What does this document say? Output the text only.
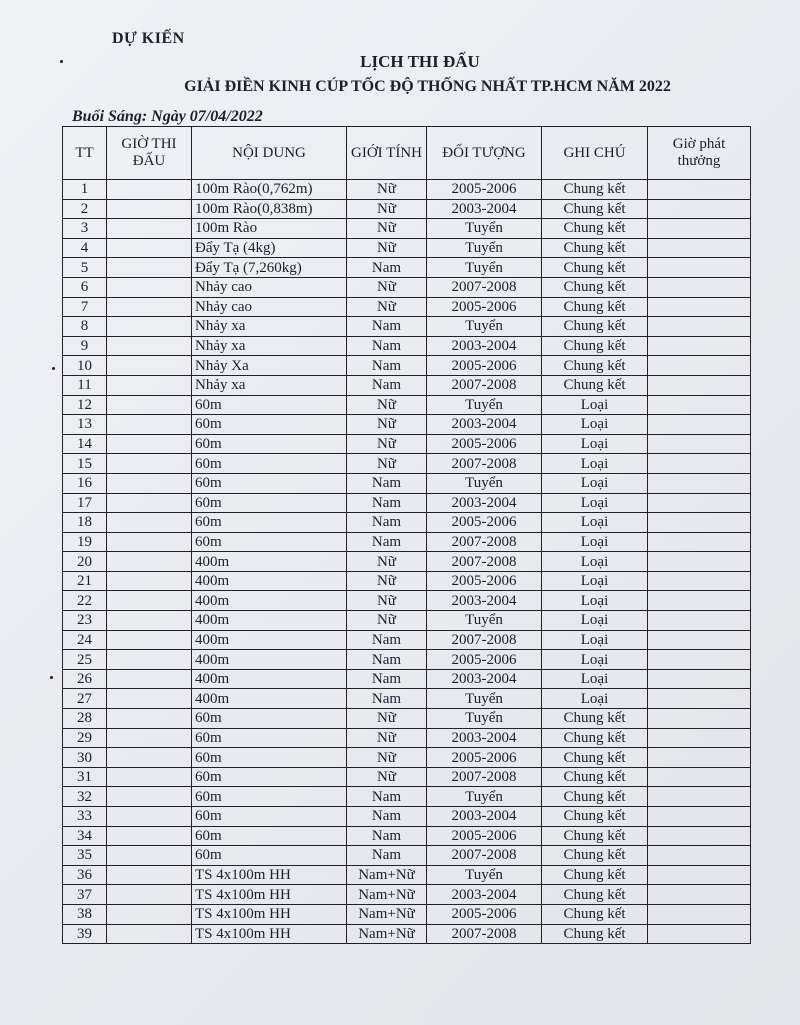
DỰ KIẾN
LỊCH THI ĐẤU
GIẢI ĐIỀN KINH CÚP TỐC ĐỘ THỐNG NHẤT TP.HCM NĂM 2022
Buổi Sáng: Ngày 07/04/2022
TT	GIỜ THI ĐẤU	NỘI DUNG	GIỚI TÍNH	ĐỐI TƯỢNG	GHI CHÚ	Giờ phát thưởng
1		100m Rào(0,762m)	Nữ	2005-2006	Chung kết	
2		100m Rào(0,838m)	Nữ	2003-2004	Chung kết	
3		100m Rào	Nữ	Tuyển	Chung kết	
4		Đẩy Tạ (4kg)	Nữ	Tuyển	Chung kết	
5		Đẩy Tạ (7,260kg)	Nam	Tuyển	Chung kết	
6		Nhảy cao	Nữ	2007-2008	Chung kết	
7		Nhảy cao	Nữ	2005-2006	Chung kết	
8		Nhảy xa	Nam	Tuyển	Chung kết	
9		Nhảy xa	Nam	2003-2004	Chung kết	
10		Nhảy Xa	Nam	2005-2006	Chung kết	
11		Nhảy xa	Nam	2007-2008	Chung kết	
12		60m	Nữ	Tuyển	Loại	
13		60m	Nữ	2003-2004	Loại	
14		60m	Nữ	2005-2006	Loại	
15		60m	Nữ	2007-2008	Loại	
16		60m	Nam	Tuyển	Loại	
17		60m	Nam	2003-2004	Loại	
18		60m	Nam	2005-2006	Loại	
19		60m	Nam	2007-2008	Loại	
20		400m	Nữ	2007-2008	Loại	
21		400m	Nữ	2005-2006	Loại	
22		400m	Nữ	2003-2004	Loại	
23		400m	Nữ	Tuyển	Loại	
24		400m	Nam	2007-2008	Loại	
25		400m	Nam	2005-2006	Loại	
26		400m	Nam	2003-2004	Loại	
27		400m	Nam	Tuyển	Loại	
28		60m	Nữ	Tuyển	Chung kết	
29		60m	Nữ	2003-2004	Chung kết	
30		60m	Nữ	2005-2006	Chung kết	
31		60m	Nữ	2007-2008	Chung kết	
32		60m	Nam	Tuyển	Chung kết	
33		60m	Nam	2003-2004	Chung kết	
34		60m	Nam	2005-2006	Chung kết	
35		60m	Nam	2007-2008	Chung kết	
36		TS 4x100m HH	Nam+Nữ	Tuyển	Chung kết	
37		TS 4x100m HH	Nam+Nữ	2003-2004	Chung kết	
38		TS 4x100m HH	Nam+Nữ	2005-2006	Chung kết	
39		TS 4x100m HH	Nam+Nữ	2007-2008	Chung kết	
